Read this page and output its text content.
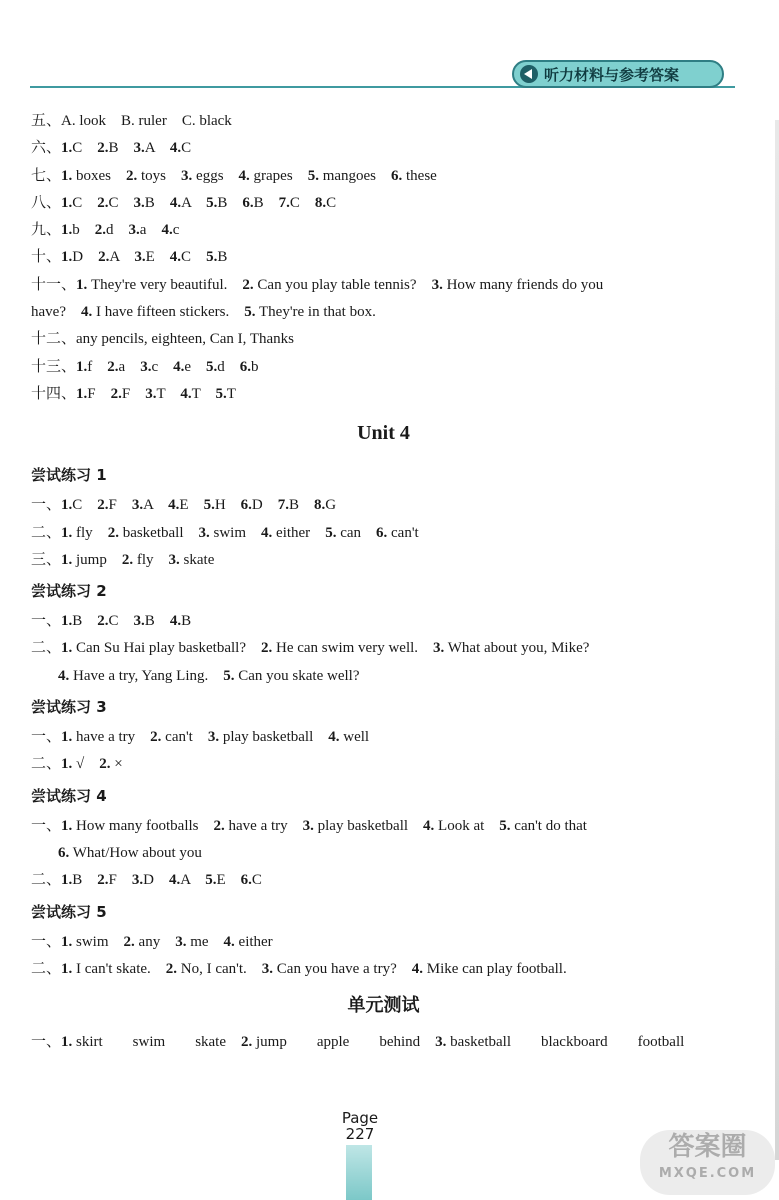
听力材料与参考答案
五、A. look　B. ruler　C. black
六、1.C　2.B　3.A　4.C
七、1. boxes　2. toys　3. eggs　4. grapes　5. mangoes　6. these
八、1.C　2.C　3.B　4.A　5.B　6.B　7.C　8.C
九、1.b　2.d　3.a　4.c
十、1.D　2.A　3.E　4.C　5.B
十一、1. They're very beautiful.　2. Can you play table tennis?　3. How many friends do you
have?　4. I have fifteen stickers.　5. They're in that box.
十二、any pencils, eighteen, Can I, Thanks
十三、1.f　2.a　3.c　4.e　5.d　6.b
十四、1.F　2.F　3.T　4.T　5.T
Unit 4
尝试练习 1
一、1.C　2.F　3.A　4.E　5.H　6.D　7.B　8.G
二、1. fly　2. basketball　3. swim　4. either　5. can　6. can't
三、1. jump　2. fly　3. skate
尝试练习 2
一、1.B　2.C　3.B　4.B
二、1. Can Su Hai play basketball?　2. He can swim very well.　3. What about you, Mike?
4. Have a try, Yang Ling.　5. Can you skate well?
尝试练习 3
一、1. have a try　2. can't　3. play basketball　4. well
二、1. √　2. ×
尝试练习 4
一、1. How many footballs　2. have a try　3. play basketball　4. Look at　5. can't do that
6. What/How about you
二、1.B　2.F　3.D　4.A　5.E　6.C
尝试练习 5
一、1. swim　2. any　3. me　4. either
二、1. I can't skate.　2. No, I can't.　3. Can you have a try?　4. Mike can play football.
单元测试
一、1. skirt　　swim　　skate　2. jump　　apple　　behind　3. basketball　　blackboard　　football
Page
227	答案圈
MXQE.COM
